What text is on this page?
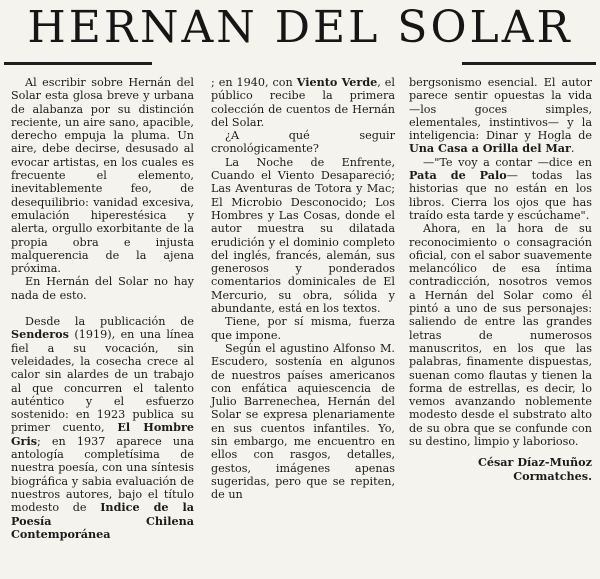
HERNAN DEL SOLAR

Al escribir sobre Hernán del Solar esta glosa breve y urbana de alabanza por su distinción reciente, un aire sano, apacible, derecho empuja la pluma. Un aire, debe decirse, desusado al evocar artistas, en los cuales es frecuente el elemento, inevitablemente feo, de desequilibrio: vanidad excesiva, emulación hiperestésica y alerta, orgullo exorbitante de la propia obra e injusta malquerencia de la ajena próxima.

En Hernán del Solar no hay nada de esto.

Desde la publicación de Senderos (1919), en una línea fiel a su vocación, sin veleidades, la cosecha crece al calor sin alardes de un trabajo al que concurren el talento auténtico y el esfuerzo sostenido: en 1923 publica su primer cuento, El Hombre Gris; en 1937 aparece una antología completísima de nuestra poesía, con una síntesis biográfica y sabia evaluación de nuestros autores, bajo el título modesto de Indice de la Poesía Chilena Contemporánea

; en 1940, con Viento Verde, el público recibe la primera colección de cuentos de Hernán del Solar.

¿A qué seguir cronológicamente?

La Noche de Enfrente, Cuando el Viento Desapareció; Las Aventuras de Totora y Mac; El Microbio Desconocido; Los Hombres y Las Cosas, donde el autor muestra su dilatada erudición y el dominio completo del inglés, francés, alemán, sus generosos y ponderados comentarios dominicales de El Mercurio, su obra, sólida y abundante, está en los textos.

Tiene, por sí misma, fuerza que impone.

Según el agustino Alfonso M. Escudero, sostenía en algunos de nuestros países americanos con enfática aquiescencia de Julio Barrenechea, Hernán del Solar se expresa plenariamente en sus cuentos infantiles. Yo, sin embargo, me encuentro en ellos con rasgos, detalles, gestos, imágenes apenas sugeridas, pero que se repiten, de un

bergsonismo esencial. El autor parece sentir opuestas la vida —los goces simples, elementales, instintivos— y la inteligencia: Dinar y Hogla de Una Casa a Orilla del Mar.

—"Te voy a contar —dice en Pata de Palo— todas las historias que no están en los libros. Cierra los ojos que has traído esta tarde y escúchame".

Ahora, en la hora de su reconocimiento o consagración oficial, con el sabor suavemente melancólico de esa íntima contradicción, nosotros vemos a Hernán del Solar como él pintó a uno de sus personajes: saliendo de entre las grandes letras de numerosos manuscritos, en los que las palabras, finamente dispuestas, suenan como flautas y tienen la forma de estrellas, es decir, lo vemos avanzando noblemente modesto desde el substrato alto de su obra que se confunde con su destino, limpio y laborioso.

César Díaz-Muñoz
Cormatches.
